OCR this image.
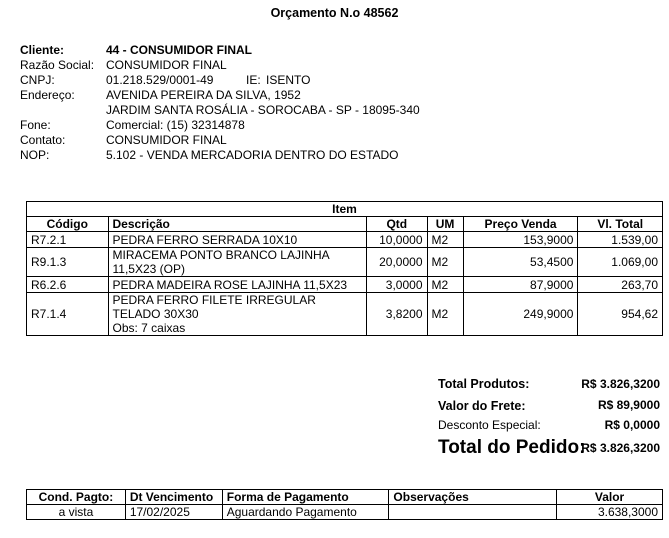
Orçamento N.o 48562
Cliente:	44 - CONSUMIDOR FINAL
Razão Social: CONSUMIDOR FINAL
CNPJ:	01.218.529/0001-49	IE: ISENTO
Endereço:	AVENIDA PEREIRA DA SILVA, 1952
JARDIM SANTA ROSÁLIA - SOROCABA - SP - 18095-340
Fone:	Comercial: (15) 32314878
Contato:	CONSUMIDOR FINAL
NOP:	5.102 - VENDA MERCADORIA DENTRO DO ESTADO
Item					
Código	Descrição	Qtd	UM	Preço Venda	Vl. Total
R7.2.1	PEDRA FERRO SERRADA 10X10	10,0000	M2	153,9000	1.539,00
R9.1.3	MIRACEMA PONTO BRANCO LAJINHA
11,5X23 (OP)	20,0000	M2	53,4500	1.069,00
R6.2.6	PEDRA MADEIRA ROSE LAJINHA 11,5X23	3,0000	M2	87,9000	263,70
R7.1.4	PEDRA FERRO FILETE IRREGULAR
TELADO 30X30
Obs: 7 caixas	3,8200	M2	249,9000	954,62
Total Produtos:	R$ 3.826,3200
Valor do Frete:	R$ 89,9000
Desconto Especial:	R$ 0,0000
Total do Pedido:
R$ 3.826,3200
Cond. Pagto:	Dt Vencimento	Forma de Pagamento	Observações	Valor
a vista	17/02/2025	Aguardando Pagamento		3.638,3000
